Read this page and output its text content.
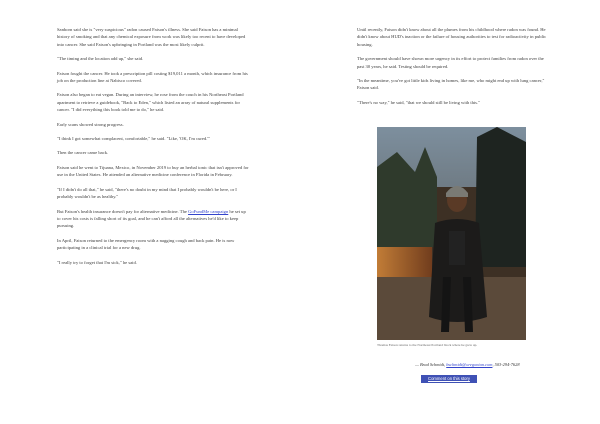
Sanborn said she is "very suspicious" radon caused Faison's illness. She said Faison has a minimal history of smoking and that any chemical exposure from work was likely too recent to have developed into cancer. She said Faison's upbringing in Portland was the most likely culprit.

"The timing and the location add up," she said.

Faison fought the cancer. He took a prescription pill costing $19,011 a month, which insurance from his job on the production line at Nabisco covered.

Faison also began to eat vegan. During an interview, he rose from the couch in his Northeast Portland apartment to retrieve a guidebook, "Back to Eden," which listed an array of natural supplements for cancer. "I did everything this book told me to do," he said.

Early scans showed strong progress.

"I think I got somewhat complacent, comfortable," he said. "Like, 'OK, I'm cured.'"

Then the cancer came back.

Faison said he went to Tijuana, Mexico, in November 2019 to buy an herbal tonic that isn't approved for use in the United States. He attended an alternative medicine conference in Florida in February.

"If I didn't do all that," he said, "there's no doubt in my mind that I probably wouldn't be here, or I probably wouldn't be as healthy."

But Faison's health insurance doesn't pay for alternative medicine. The GoFundMe campaign he set up to cover his costs is falling short of its goal, and he can't afford all the alternatives he'd like to keep pursuing.

In April, Faison returned to the emergency room with a nagging cough and back pain. He is now participating in a clinical trial for a new drug.

"I really try to forget that I'm sick," he said.

Until recently, Faison didn't know about all the plumes from his childhood where radon was found. He didn't know about HUD's inaction or the failure of housing authorities to test for radioactivity in public housing.

The government should have shown more urgency in its effort to protect families from radon over the past 30 years, he said. Testing should be required.

"In the meantime, you've got little kids living in homes, like me, who might end up with lung cancer," Faison said.

"There's no way," he said, "that we should still be living with this."

Thomas Faison returns to the Northeast Portland block where he grew up.
— Brad Schmidt, bschmidt@oregonian.com, 503-294-7628
Comment on this story
